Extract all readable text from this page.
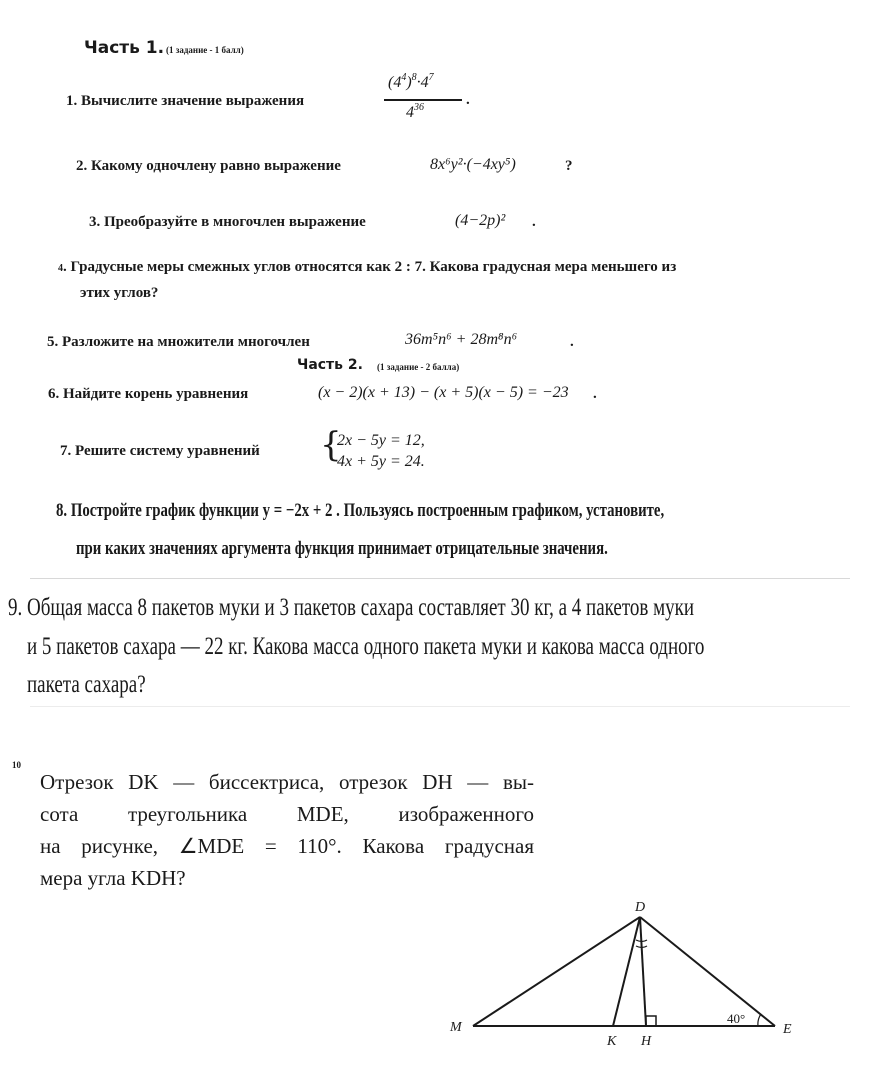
Часть 1. (1 задание - 1 балл)
1. Вычислите значение выражения
$(4^4)^8\cdot 4^7$
$4^{36}$	.
2. Какому одночлену равно выражение	8x⁶y²·(−4xy⁵)	?
3. Преобразуйте в многочлен выражение	(4−2p)² .
4. Градусные меры смежных углов относятся как 2 : 7. Какова градусная мера меньшего из
этих углов?
5. Разложите на множители многочлен	36m⁵n⁶ + 28m⁸n⁶	.
Часть 2. (1 задание - 2 балла)
6. Найдите корень уравнения	(x − 2)(x + 13) − (x + 5)(x − 5) = −23 .
7. Решите систему уравнений {
2x − 5y = 12,
4x + 5y = 24.
8. Постройте график функции y = −2x + 2 . Пользуясь построенным графиком, установите,
при каких значениях аргумента функция принимает отрицательные значения.
9. Общая масса 8 пакетов муки и 3 пакетов сахара составляет 30 кг, а 4 пакетов муки
и 5 пакетов сахара — 22 кг. Какова масса одного пакета муки и какова масса одного
пакета сахара?
10
Отрезок DK — биссектриса, отрезок DH — вы-
сота треугольника MDE, изображенного
на рисунке, ∠MDE = 110°. Какова градусная
мера угла KDH?
D
M	E
K H
40°
